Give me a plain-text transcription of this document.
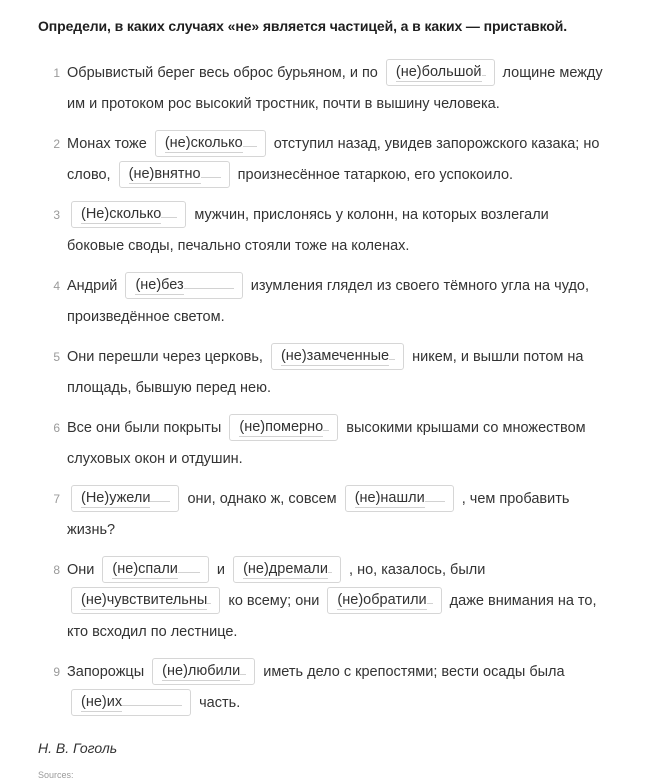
Определи, в каких случаях «не» является частицей, а в каких — приставкой.
1 Обрывистый берег весь оброс бурьяном, и по (не)большой лощине между им и протоком рос высокий тростник, почти в вышину человека.
2 Монах тоже (не)сколько отступил назад, увидев запорожского казака; но слово, (не)внятно	произнесённое татаркою, его успокоило.
3	(Не)сколько мужчин, прислонясь у колонн, на которых возлегали боковые своды, печально стояли тоже на коленах.
4 Андрий (не)без	изумления глядел из своего тёмного угла на чудо, произведённое светом.
5 Они перешли через церковь, (не)замеченные никем, и вышли потом на площадь, бывшую перед нею.
6 Все они были покрыты (не)померно высокими крышами со множеством слуховых окон и отдушин.
7	(Не)ужели	они, однако ж, совсем (не)нашли	, чем пробавить жизнь?
8 Они (не)спали	и (не)дремали , но, казалось, были (не)чувствительны ко всему; они (не)обратили даже внимания на то, кто всходил по лестнице.
9 Запорожцы (не)любили иметь дело с крепостями; вести осады была (не)их	часть.
Н. В. Гоголь
Sources:
